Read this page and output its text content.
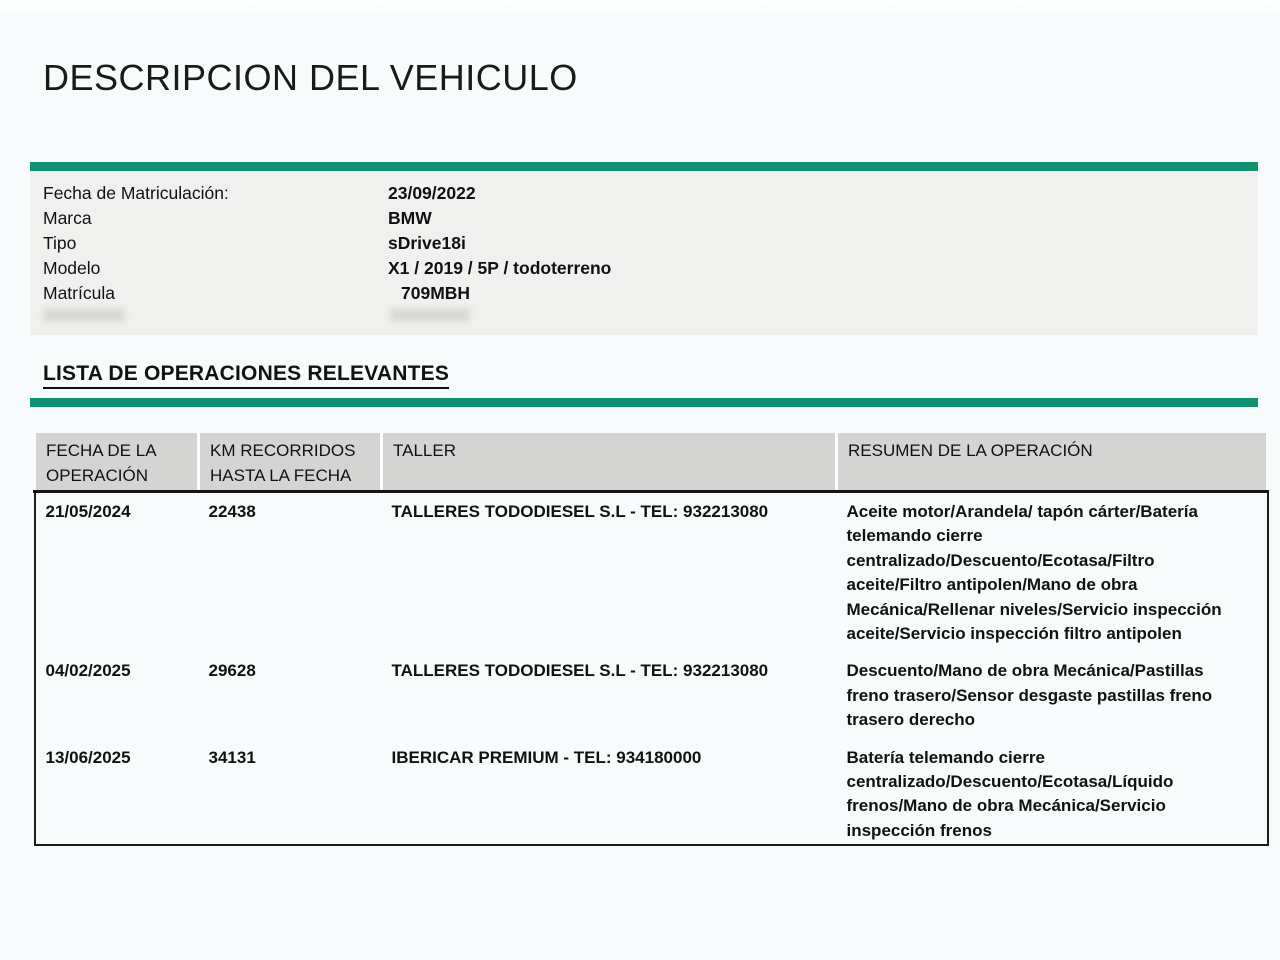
DESCRIPCION DEL VEHICULO
Fecha de Matriculación:	23/09/2022
Marca	BMW
Tipo	sDrive18i
Modelo	X1 / 2019 / 5P / todoterreno
Matrícula	709MBH
LISTA DE OPERACIONES RELEVANTES
FECHA DE LA OPERACIÓN	KM RECORRIDOS HASTA LA FECHA	TALLER	RESUMEN DE LA OPERACIÓN
21/05/2024	22438	TALLERES TODODIESEL S.L - TEL: 932213080	Aceite motor/Arandela/ tapón cárter/Batería telemando cierre centralizado/Descuento/Ecotasa/Filtro aceite/Filtro antipolen/Mano de obra Mecánica/Rellenar niveles/Servicio inspección aceite/Servicio inspección filtro antipolen
04/02/2025	29628	TALLERES TODODIESEL S.L - TEL: 932213080	Descuento/Mano de obra Mecánica/Pastillas freno trasero/Sensor desgaste pastillas freno trasero derecho
13/06/2025	34131	IBERICAR PREMIUM - TEL: 934180000	Batería telemando cierre centralizado/Descuento/Ecotasa/Líquido frenos/Mano de obra Mecánica/Servicio inspección frenos
